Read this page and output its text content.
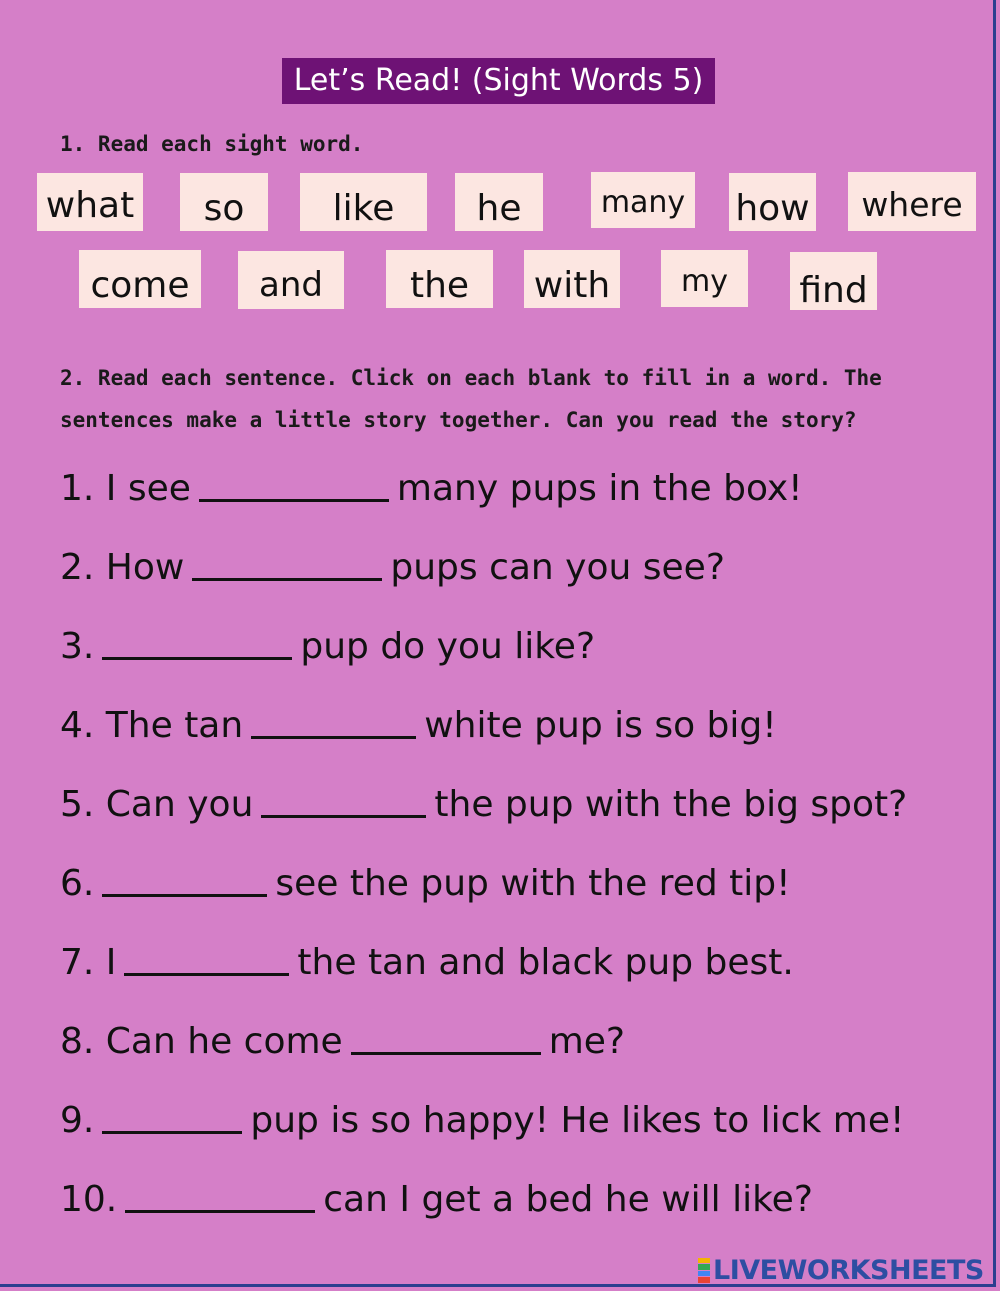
Let’s Read! (Sight Words 5)
1. Read each sight word.
what	so	like	he	many how	where
come	and	the	with	my	find
2. Read each sentence. Click on each blank to fill in a word. The
sentences make a little story together. Can you read the story?
1. I see	many pups in the box!
2. How	pups can you see?
3.	pup do you like?
4. The tan	white pup is so big!
5. Can you	the pup with the big spot?
6.	see the pup with the red tip!
7. I	the tan and black pup best.
8. Can he come	me?
9.	pup is so happy! He likes to lick me!
10.	can I get a bed he will like?
LIVEWORKSHEETS
